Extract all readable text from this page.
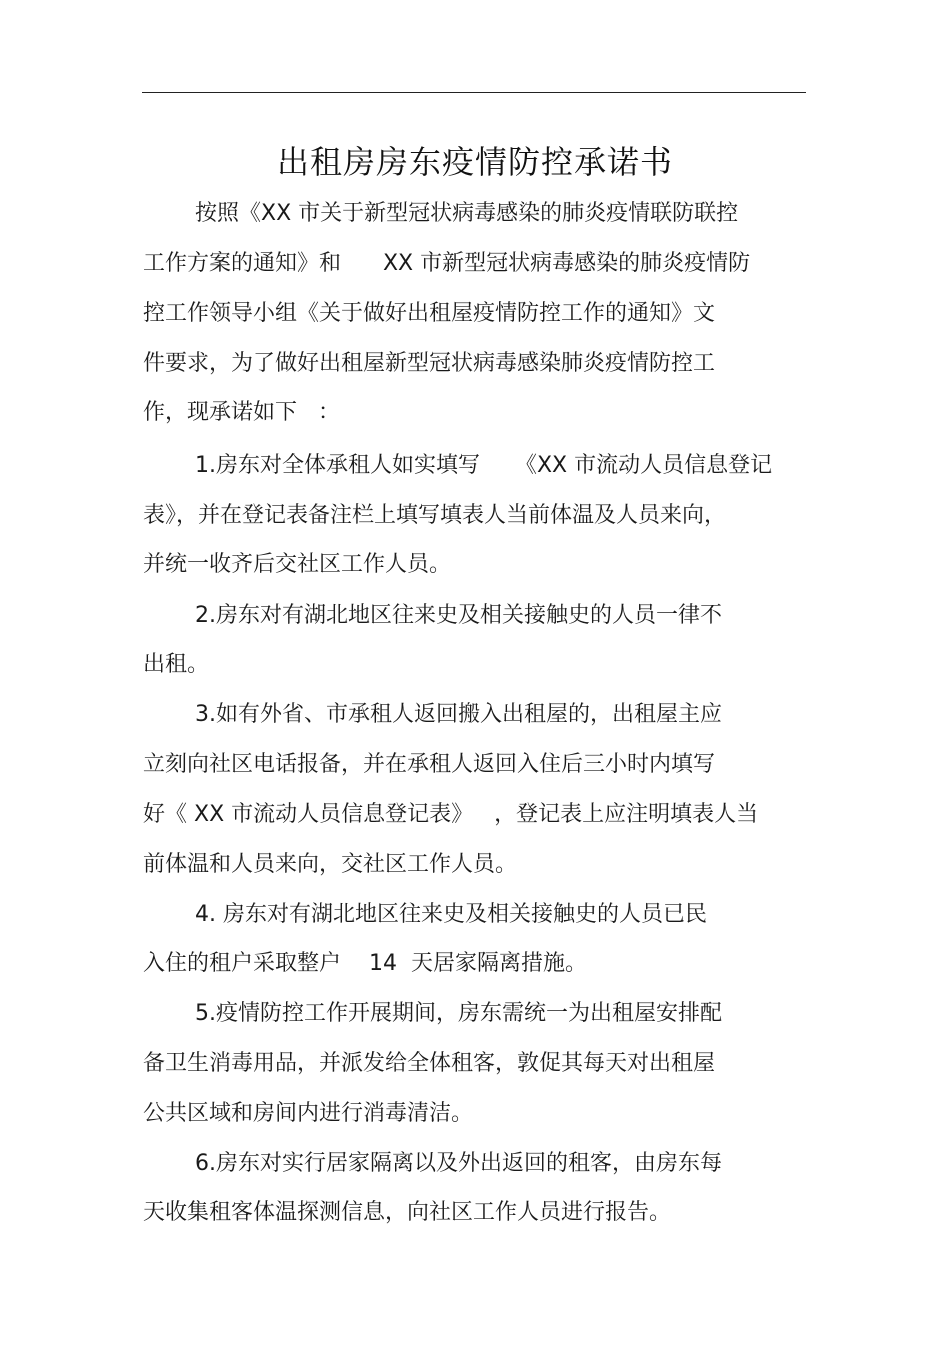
出租房房东疫情防控承诺书
按照《XX 市关于新型冠状病毒感染的肺炎疫情联防联控
工作方案的通知》和      XX 市新型冠状病毒感染的肺炎疫情防
控工作领导小组《关于做好出租屋疫情防控工作的通知》文
件要求，为了做好出租屋新型冠状病毒感染肺炎疫情防控工
作，现承诺如下   ：
1.房东对全体承租人如实填写     《XX 市流动人员信息登记
表》，并在登记表备注栏上填写填表人当前体温及人员来向，
并统一收齐后交社区工作人员。
2.房东对有湖北地区往来史及相关接触史的人员一律不
出租。
3.如有外省、市承租人返回搬入出租屋的，出租屋主应
立刻向社区电话报备，并在承租人返回入住后三小时内填写
好《 XX 市流动人员信息登记表》   ，登记表上应注明填表人当
前体温和人员来向，交社区工作人员。
4. 房东对有湖北地区往来史及相关接触史的人员已民
入住的租户采取整户    14  天居家隔离措施。
5.疫情防控工作开展期间，房东需统一为出租屋安排配
备卫生消毒用品，并派发给全体租客，敦促其每天对出租屋
公共区域和房间内进行消毒清洁。
6.房东对实行居家隔离以及外出返回的租客，由房东每
天收集租客体温探测信息，向社区工作人员进行报告。
